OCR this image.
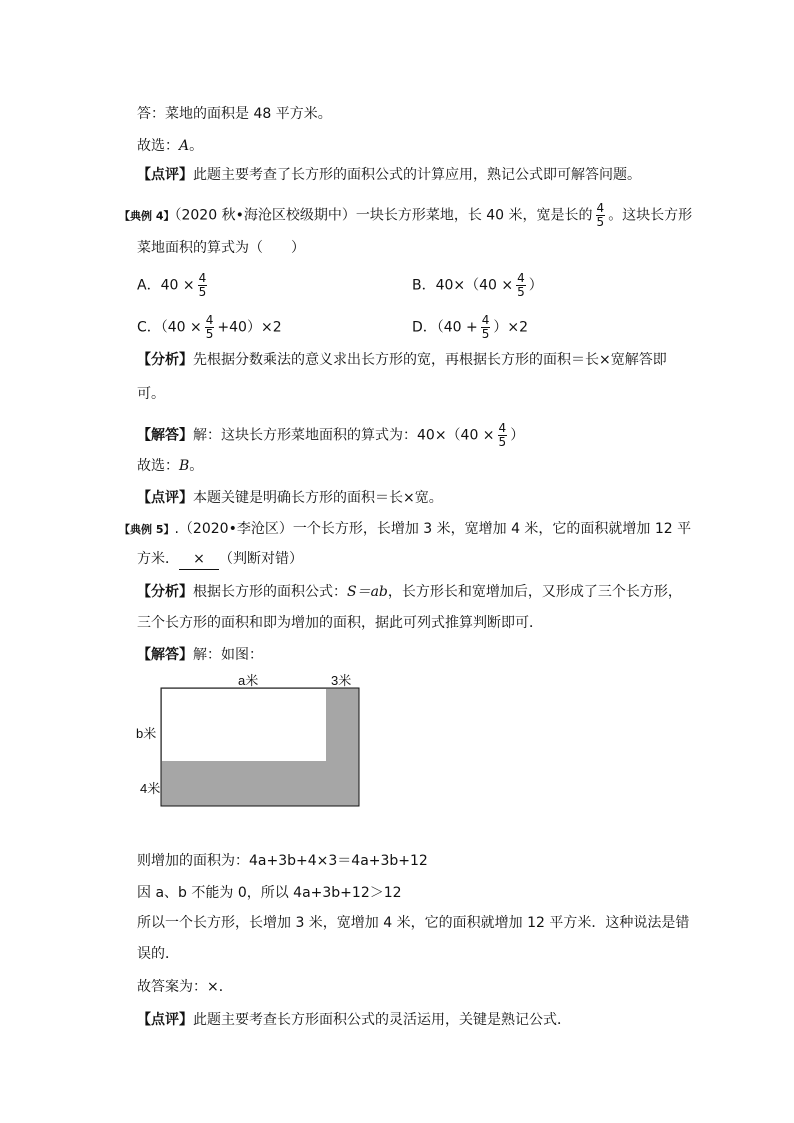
答：菜地的面积是 48 平方米。
故选：A。
【点评】此题主要考查了长方形的面积公式的计算应用，熟记公式即可解答问题。
【典例 4】（2020 秋•海沧区校级期中）一块长方形菜地，长 40 米，宽是长的 $\frac{4}{5}$ 。这块长方形
菜地面积的算式为（　　）
A．$40 \times \frac{4}{5}$	B．$40\times(40 \times \frac{4}{5}$ ）
C．$(40 \times \frac{4}{5} +40)\times 2$	D．$(40 + \frac{4}{5} )\times 2$
【分析】先根据分数乘法的意义求出长方形的宽，再根据长方形的面积＝长×宽解答即
可。
【解答】解：这块长方形菜地面积的算式为：$40\times(40 \times \frac{4}{5}$ ）
故选：B。
【点评】本题关键是明确长方形的面积＝长×宽。
【典例 5】.（2020•李沧区）一个长方形，长增加 3 米，宽增加 4 米，它的面积就增加 12 平
方米． × （判断对错）
【分析】根据长方形的面积公式：S＝ab，长方形长和宽增加后，又形成了三个长方形，
三个长方形的面积和即为增加的面积，据此可列式推算判断即可．
【解答】解：如图：
a米	3米
b米
4米
则增加的面积为：4a+3b+4×3＝4a+3b+12
因 a、b 不能为 0，所以 4a+3b+12＞12
所以一个长方形，长增加 3 米，宽增加 4 米，它的面积就增加 12 平方米．这种说法是错
误的．
故答案为：×．
【点评】此题主要考查长方形面积公式的灵活运用，关键是熟记公式．
